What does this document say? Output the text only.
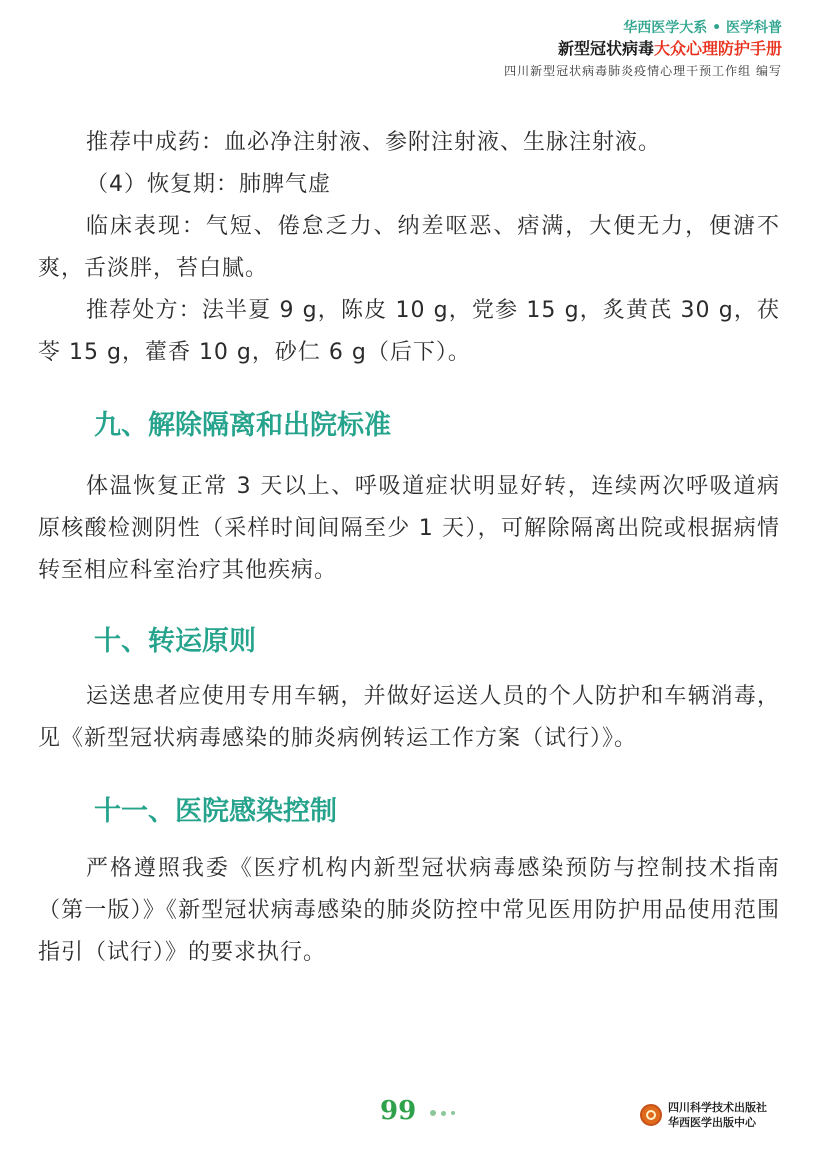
华西医学大系 • 医学科普
新型冠状病毒大众心理防护手册
四川新型冠状病毒肺炎疫情心理干预工作组 编写

推荐中成药：血必净注射液、参附注射液、生脉注射液。

（4）恢复期：肺脾气虚

临床表现：气短、倦怠乏力、纳差呕恶、痞满，大便无力，便溏不爽，舌淡胖，苔白腻。

推荐处方：法半夏 9 g，陈皮 10 g，党参 15 g，炙黄芪 30 g，茯苓 15 g，藿香 10 g，砂仁 6 g（后下）。

九、解除隔离和出院标准

体温恢复正常 3 天以上、呼吸道症状明显好转，连续两次呼吸道病原核酸检测阴性（采样时间间隔至少 1 天），可解除隔离出院或根据病情转至相应科室治疗其他疾病。

十、转运原则

运送患者应使用专用车辆，并做好运送人员的个人防护和车辆消毒，见《新型冠状病毒感染的肺炎病例转运工作方案（试行）》。

十一、医院感染控制

严格遵照我委《医疗机构内新型冠状病毒感染预防与控制技术指南（第一版）》《新型冠状病毒感染的肺炎防控中常见医用防护用品使用范围指引（试行）》的要求执行。

99	四川科学技术出版社
华西医学出版中心
